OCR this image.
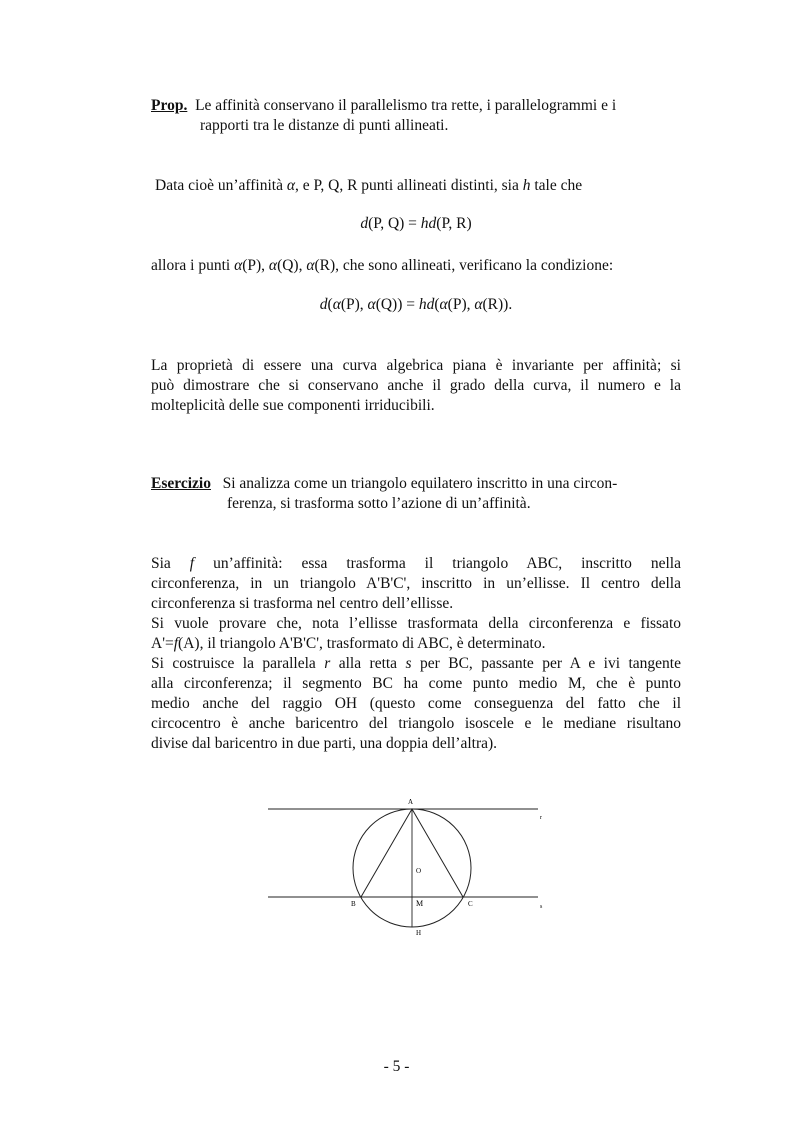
Prop. Le affinità conservano il parallelismo tra rette, i parallelogrammi e i
rapporti tra le distanze di punti allineati.
Data cioè un’affinità α, e P, Q, R punti allineati distinti, sia h tale che
d(P, Q) = hd(P, R)
allora i punti α(P), α(Q), α(R), che sono allineati, verificano la condizione:
d(α(P), α(Q)) = hd(α(P), α(R)).
La proprietà di essere una curva algebrica piana è invariante per affinità; si
può dimostrare che si conservano anche il grado della curva, il numero e la
molteplicità delle sue componenti irriducibili.
Esercizio Si analizza come un triangolo equilatero inscritto in una circon-
ferenza, si trasforma sotto l’azione di un’affinità.
Sia f un’affinità: essa trasforma il triangolo ABC, inscritto nella
circonferenza, in un triangolo A'B'C', inscritto in un’ellisse. Il centro della
circonferenza si trasforma nel centro dell’ellisse.
Si vuole provare che, nota l’ellisse trasformata della circonferenza e fissato
A'=f(A), il triangolo A'B'C', trasformato di ABC, è determinato.
Si costruisce la parallela r alla retta s per BC, passante per A e ivi tangente
alla circonferenza; il segmento BC ha come punto medio M, che è punto
medio anche del raggio OH (questo come conseguenza del fatto che il
circocentro è anche baricentro del triangolo isoscele e le mediane risultano
divise dal baricentro in due parti, una doppia dell’altra).
A
O
B	M	C
H
r
s
- 5 -
